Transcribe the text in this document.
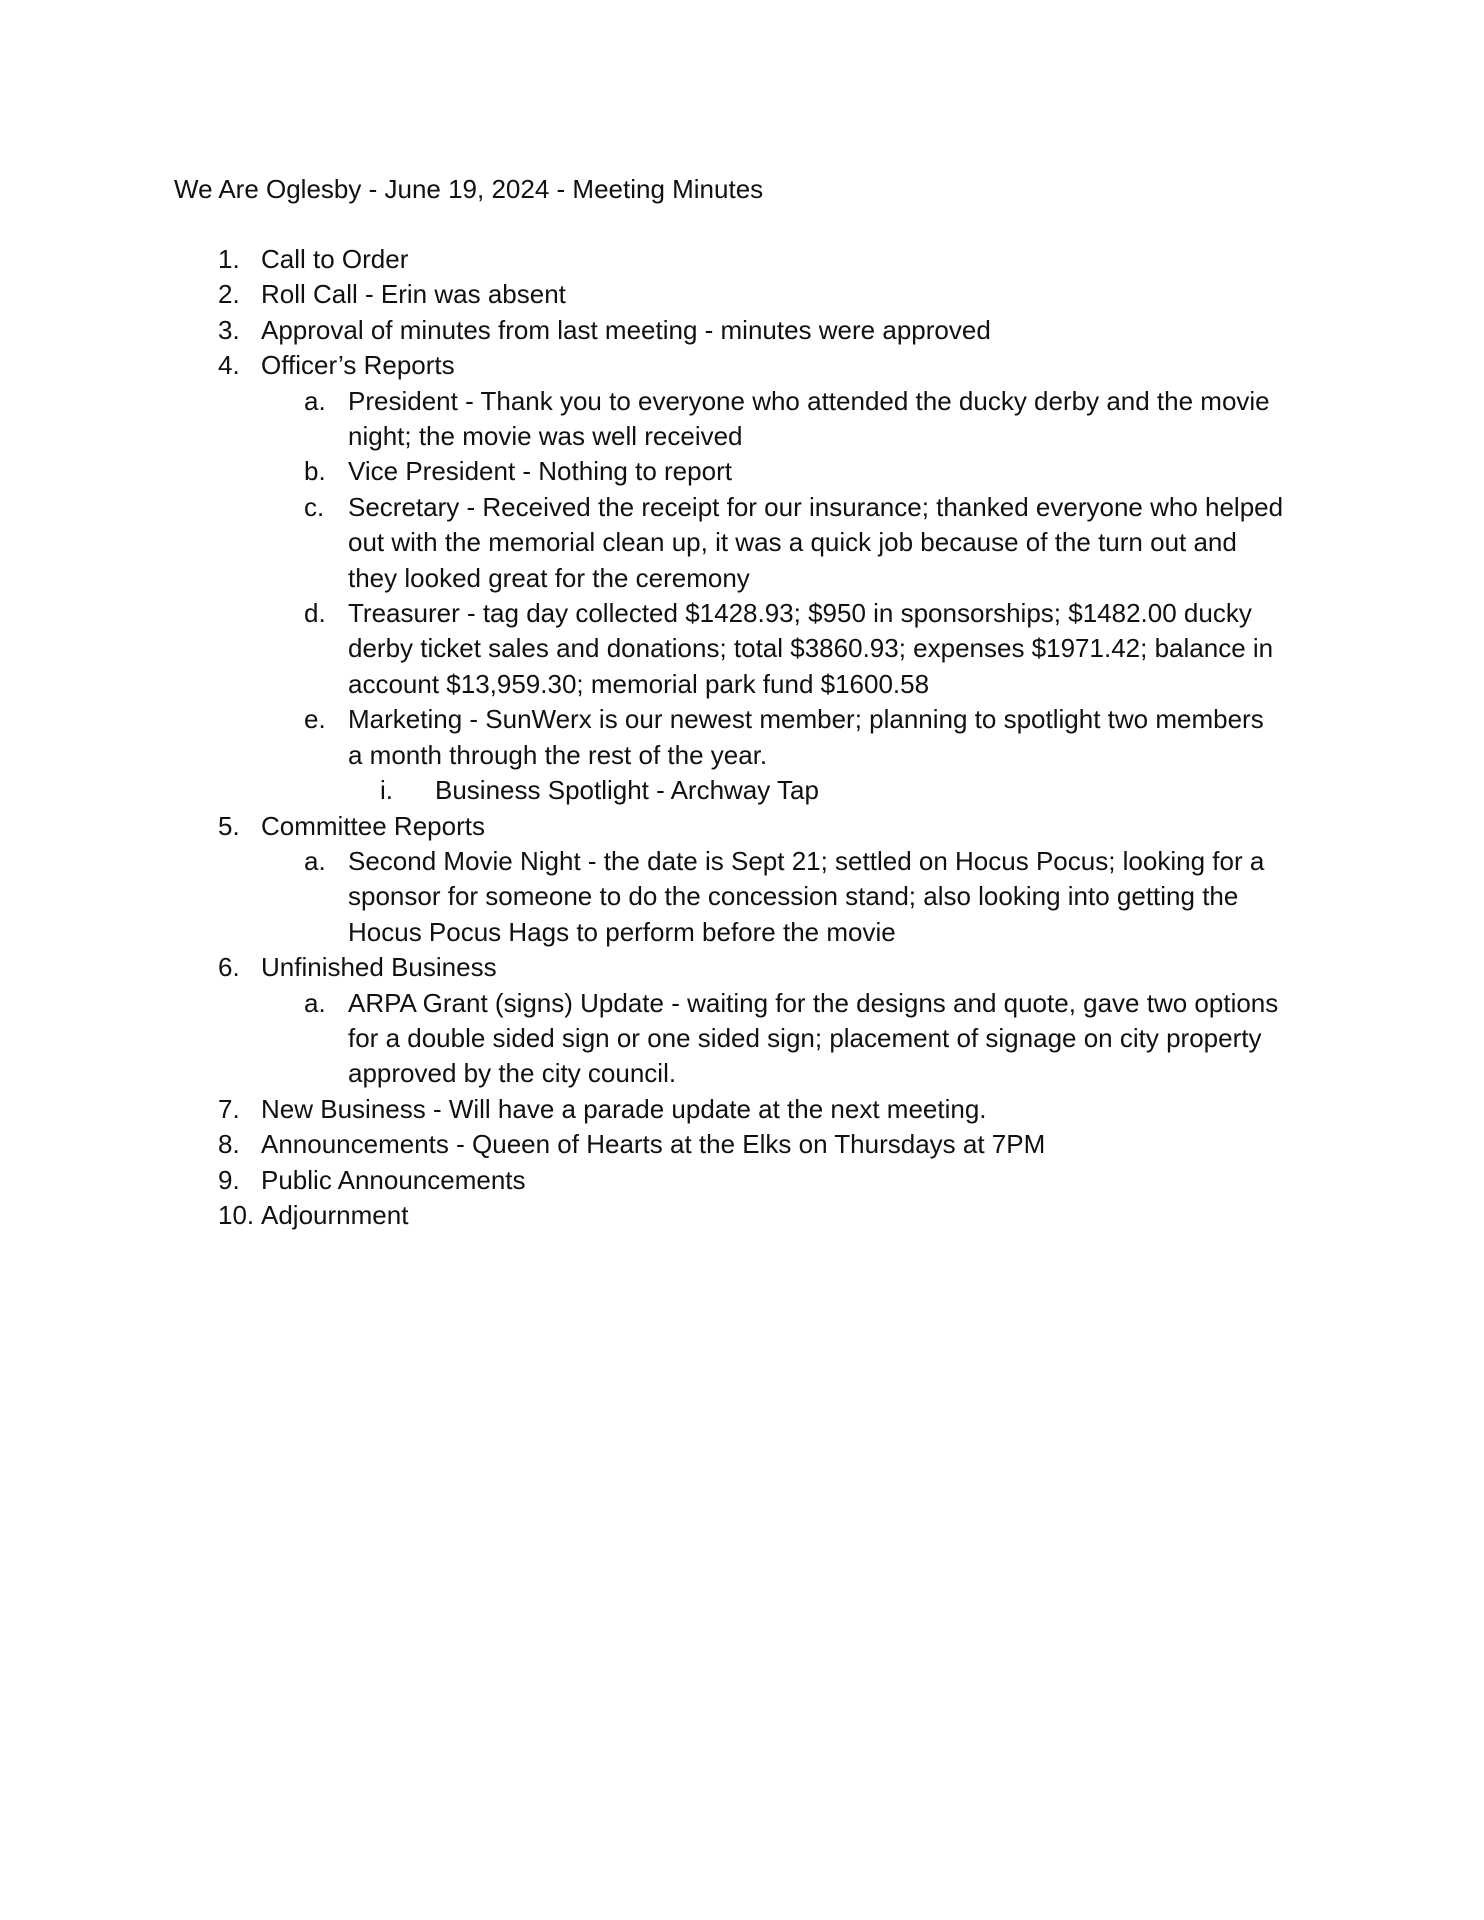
We Are Oglesby - June 19, 2024 - Meeting Minutes
1. Call to Order
2. Roll Call - Erin was absent
3. Approval of minutes from last meeting - minutes were approved
4. Officer’s Reports
a. President - Thank you to everyone who attended the ducky derby and the movie
night; the movie was well received
b. Vice President - Nothing to report
c. Secretary - Received the receipt for our insurance; thanked everyone who helped
out with the memorial clean up, it was a quick job because of the turn out and
they looked great for the ceremony
d. Treasurer - tag day collected $1428.93; $950 in sponsorships; $1482.00 ducky
derby ticket sales and donations; total $3860.93; expenses $1971.42; balance in
account $13,959.30; memorial park fund $1600.58
e. Marketing - SunWerx is our newest member; planning to spotlight two members
a month through the rest of the year.
i. Business Spotlight - Archway Tap
5. Committee Reports
a. Second Movie Night - the date is Sept 21; settled on Hocus Pocus; looking for a
sponsor for someone to do the concession stand; also looking into getting the
Hocus Pocus Hags to perform before the movie
6. Unfinished Business
a. ARPA Grant (signs) Update - waiting for the designs and quote, gave two options
for a double sided sign or one sided sign; placement of signage on city property
approved by the city council.
7. New Business - Will have a parade update at the next meeting.
8. Announcements - Queen of Hearts at the Elks on Thursdays at 7PM
9. Public Announcements
10. Adjournment
